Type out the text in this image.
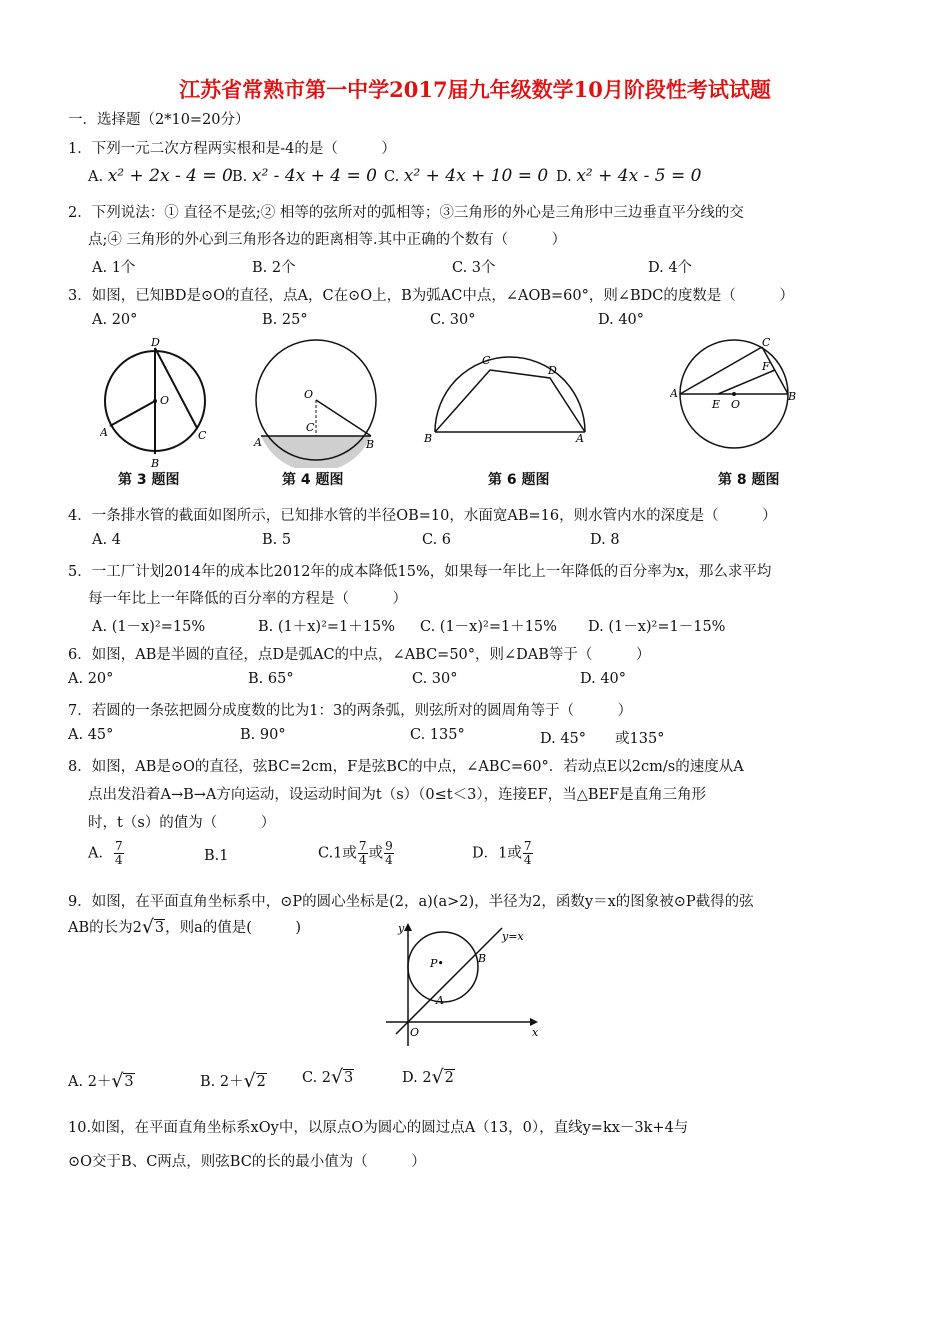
江苏省常熟市第一中学2017届九年级数学10月阶段性考试试题
一．选择题（2*10=20分）
1．下列一元二次方程两实根和是-4的是（　　　）
A. x² + 2x - 4 = 0 B. x² - 4x + 4 = 0 C. x² + 4x + 10 = 0 D. x² + 4x - 5 = 0
2．下列说法：① 直径不是弦;② 相等的弦所对的弧相等；③三角形的外心是三角形中三边垂直平分线的交
点;④ 三角形的外心到三角形各边的距离相等.其中正确的个数有（　　　）
A. 1个	B. 2个	C. 3个	D. 4个
3．如图，已知BD是⊙O的直径，点A，C在⊙O上，B为弧AC中点，∠AOB=60°，则∠BDC的度数是（　　　）
A. 20°	B. 25°	C. 30°	D. 40°
D
O
A	C
B
第 3 题图
O
C
A	B
第 4 题图
C
D
B	A
第 6 题图
A	B
C
F
E O
第 8 题图
4．一条排水管的截面如图所示，已知排水管的半径OB=10，水面宽AB=16，则水管内水的深度是（　　　）
A. 4	B. 5	C. 6	D. 8
5．一工厂计划2014年的成本比2012年的成本降低15%，如果每一年比上一年降低的百分率为x，那么求平均
每一年比上一年降低的百分率的方程是（　　　）
A. (1－x)²=15%	B. (1＋x)²=1＋15% C. (1－x)²=1＋15% D. (1－x)²=1－15%
6．如图，AB是半圆的直径，点D是弧AC的中点，∠ABC=50°，则∠DAB等于（　　　）
A. 20°	B. 65°	C. 30°	D. 40°
7．若圆的一条弦把圆分成度数的比为1：3的两条弧，则弦所对的圆周角等于（　　　）
A. 45°	B. 90°	C. 135°	D. 45°　　或135°
8．如图，AB是⊙O的直径，弦BC=2cm，F是弦BC的中点，∠ABC=60°．若动点E以2cm/s的速度从A
点出发沿着A→B→A方向运动，设运动时间为t（s）（0≤t＜3），连接EF，当△BEF是直角三角形
时，t（s）的值为（　　　）
A． $\frac{7}{4}$	B.1	C.1或 $\frac{7}{4}$ 或 $\frac{9}{4}$	D．1或 $\frac{7}{4}$
9．如图，在平面直角坐标系中，⊙P的圆心坐标是(2，a)(a>2)，半径为2，函数y＝x的图象被⊙P截得的弦
AB的长为2 √ 3，则a的值是(　　　)	y
x
O
y=x
P•
A
B
A. 2＋ √ 3	B. 2＋ √ 2 C. 2 √ 3	D. 2 √ 2
10.如图，在平面直角坐标系xOy中，以原点O为圆心的圆过点A（13，0），直线y=kx－3k+4与
⊙O交于B、C两点，则弦BC的长的最小值为（　　　）
